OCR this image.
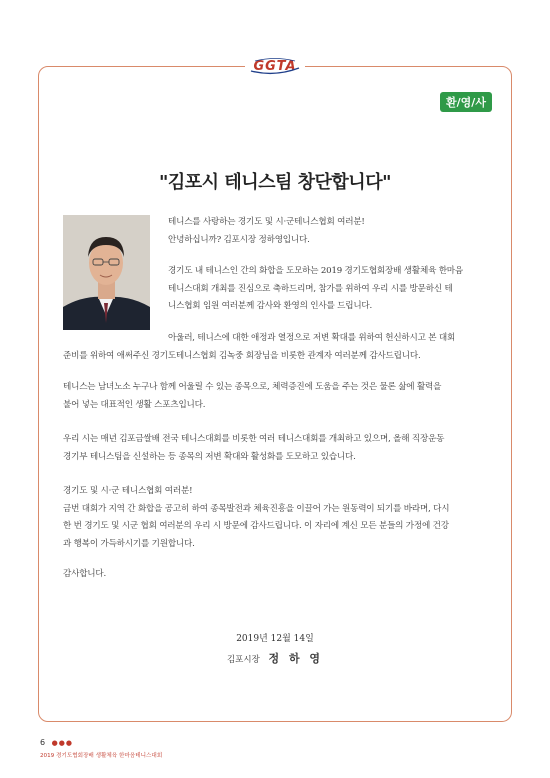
GGTA
환/영/사
"김포시 테니스팀 창단합니다"

테니스를 사랑하는 경기도 및 시·군테니스협회 여러분!

안녕하십니까? 김포시장 정하영입니다.

경기도 내 테니스인 간의 화합을 도모하는 2019 경기도협회장배 생활체육 한마음

테니스대회 개최를 진심으로 축하드리며, 참가를 위하여 우리 시를 방문하신 테

니스협회 임원 여러분께 감사와 환영의 인사를 드립니다.

아울러, 테니스에 대한 애정과 열정으로 저변 확대를 위하여 헌신하시고 본 대회

준비를 위하여 애써주신 경기도테니스협회 김녹중 회장님을 비롯한 관계자 여러분께 감사드립니다.

테니스는 남녀노소 누구나 함께 어울릴 수 있는 종목으로, 체력증진에 도움을 주는 것은 물론 삶에 활력을

불어 넣는 대표적인 생활 스포츠입니다.

우리 시는 매년 김포금쌀배 전국 테니스대회를 비롯한 여러 테니스대회를 개최하고 있으며, 올해 직장운동

경기부 테니스팀을 신설하는 등 종목의 저변 확대와 활성화를 도모하고 있습니다.

경기도 및 시·군 테니스협회 여러분!

금번 대회가 지역 간 화합을 공고히 하여 종목발전과 체육진흥을 이끌어 가는 원동력이 되기를 바라며, 다시

한 번 경기도 및 시군 협회 여러분의 우리 시 방문에 감사드립니다. 이 자리에 계신 모든 분들의 가정에 건강

과 행복이 가득하시기를 기원합니다.

감사합니다.

2019년 12월 14일
김포시장 정 하 영
6 ●●●
2019 경기도협회장배 생활체육 한마음테니스대회
